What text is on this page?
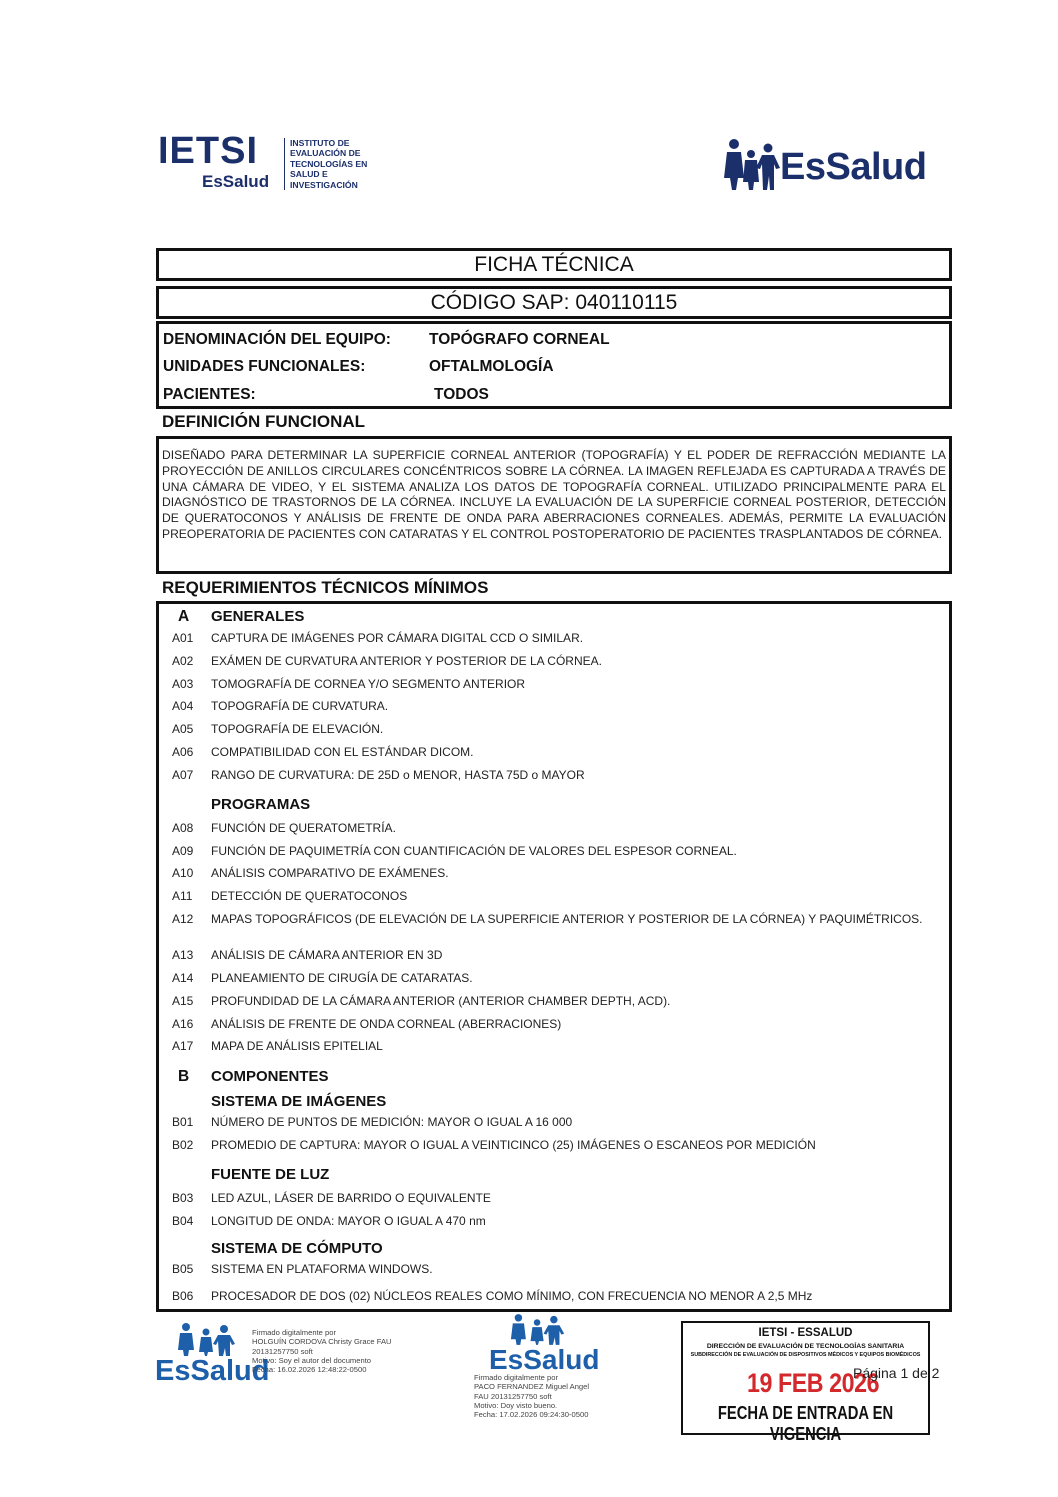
IETSI
EsSalud
INSTITUTO DE
EVALUACIÓN DE
TECNOLOGÍAS EN
SALUD E
INVESTIGACIÓN	EsSalud
FICHA TÉCNICA
CÓDIGO SAP: 040110115
DENOMINACIÓN DEL EQUIPO: TOPÓGRAFO CORNEAL
UNIDADES FUNCIONALES:	OFTALMOLOGÍA
PACIENTES:	TODOS
DEFINICIÓN FUNCIONAL
DISEÑADO PARA DETERMINAR LA SUPERFICIE CORNEAL ANTERIOR (TOPOGRAFÍA) Y EL PODER DE REFRACCIÓN MEDIANTE LA PROYECCIÓN DE ANILLOS CIRCULARES CONCÉNTRICOS SOBRE LA CÓRNEA. LA IMAGEN REFLEJADA ES CAPTURADA A TRAVÉS DE UNA CÁMARA DE VIDEO, Y EL SISTEMA ANALIZA LOS DATOS DE TOPOGRAFÍA CORNEAL. UTILIZADO PRINCIPALMENTE PARA EL DIAGNÓSTICO DE TRASTORNOS DE LA CÓRNEA. INCLUYE LA EVALUACIÓN DE LA SUPERFICIE CORNEAL POSTERIOR, DETECCIÓN DE QUERATOCONOS Y ANÁLISIS DE FRENTE DE ONDA PARA ABERRACIONES CORNEALES. ADEMÁS, PERMITE LA EVALUACIÓN PREOPERATORIA DE PACIENTES CON CATARATAS Y EL CONTROL POSTOPERATORIO DE PACIENTES TRASPLANTADOS DE CÓRNEA.
REQUERIMIENTOS TÉCNICOS MÍNIMOS
A GENERALES
A01 CAPTURA DE IMÁGENES POR CÁMARA DIGITAL CCD O SIMILAR.
A02 EXÁMEN DE CURVATURA ANTERIOR Y POSTERIOR DE LA CÓRNEA.
A03 TOMOGRAFÍA DE CORNEA Y/O SEGMENTO ANTERIOR
A04 TOPOGRAFÍA DE CURVATURA.
A05 TOPOGRAFÍA DE ELEVACIÓN.
A06 COMPATIBILIDAD CON EL ESTÁNDAR DICOM.
A07 RANGO DE CURVATURA: DE 25D o MENOR, HASTA 75D o MAYOR
PROGRAMAS
A08 FUNCIÓN DE QUERATOMETRÍA.
A09 FUNCIÓN DE PAQUIMETRÍA CON CUANTIFICACIÓN DE VALORES DEL ESPESOR CORNEAL.
A10 ANÁLISIS COMPARATIVO DE EXÁMENES.
A11 DETECCIÓN DE QUERATOCONOS
A12 MAPAS TOPOGRÁFICOS (DE ELEVACIÓN DE LA SUPERFICIE ANTERIOR Y POSTERIOR DE LA CÓRNEA) Y PAQUIMÉTRICOS.
A13 ANÁLISIS DE CÁMARA ANTERIOR EN 3D
A14 PLANEAMIENTO DE CIRUGÍA DE CATARATAS.
A15 PROFUNDIDAD DE LA CÁMARA ANTERIOR (ANTERIOR CHAMBER DEPTH, ACD).
A16 ANÁLISIS DE FRENTE DE ONDA CORNEAL (ABERRACIONES)
A17 MAPA DE ANÁLISIS EPITELIAL
B COMPONENTES
SISTEMA DE IMÁGENES
B01 NÚMERO DE PUNTOS DE MEDICIÓN: MAYOR O IGUAL A 16 000
B02 PROMEDIO DE CAPTURA: MAYOR O IGUAL A VEINTICINCO (25) IMÁGENES O ESCANEOS POR MEDICIÓN
FUENTE DE LUZ
B03 LED AZUL, LÁSER DE BARRIDO O EQUIVALENTE
B04 LONGITUD DE ONDA: MAYOR O IGUAL A 470 nm
SISTEMA DE CÓMPUTO
B05 SISTEMA EN PLATAFORMA WINDOWS.
B06 PROCESADOR DE DOS (02) NÚCLEOS REALES COMO MÍNIMO, CON FRECUENCIA NO MENOR A 2,5 MHz
EsSalud
Firmado digitalmente por
HOLGUÍN CORDOVA Christy Grace FAU
20131257750 soft
Motivo: Soy el autor del documento
Fecha: 16.02.2026 12:48:22-0500	EsSalud
Firmado digitalmente por
PACO FERNANDEZ Miguel Angel
FAU 20131257750 soft
Motivo: Doy visto bueno.
Fecha: 17.02.2026 09:24:30-0500
IETSI - ESSALUD
DIRECCIÓN DE EVALUACIÓN DE TECNOLOGÍAS SANITARIA
SUBDIRECCIÓN DE EVALUACIÓN DE DISPOSITIVOS MÉDICOS Y EQUIPOS BIOMÉDICOS
19 FEB 2026
FECHA DE ENTRADA EN VIGENCIA
Página 1 de 2
